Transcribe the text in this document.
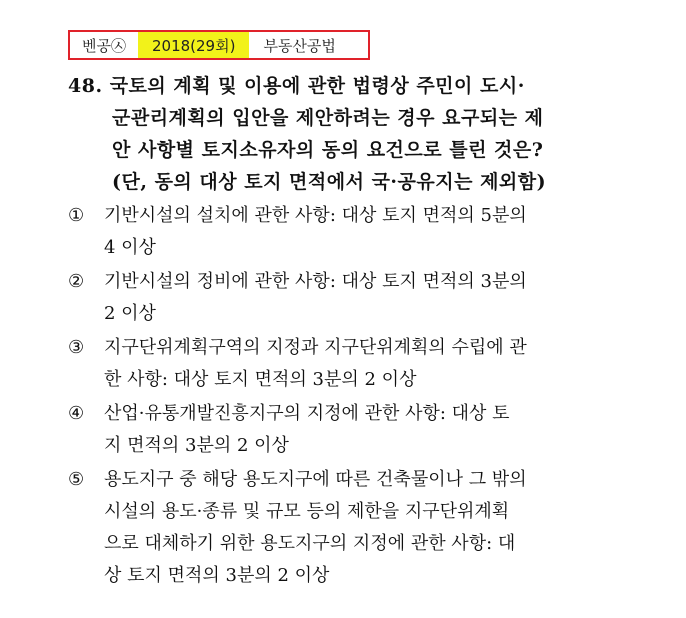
벤공㉦	2018(29회)	부동산공법
48. 국토의 계획 및 이용에 관한 법령상 주민이 도시·
군관리계획의 입안을 제안하려는 경우 요구되는 제
안 사항별 토지소유자의 동의 요건으로 틀린 것은?
(단, 동의 대상 토지 면적에서 국·공유지는 제외함)
①	기반시설의 설치에 관한 사항: 대상 토지 면적의 5분의
4 이상
②	기반시설의 정비에 관한 사항: 대상 토지 면적의 3분의
2 이상
③	지구단위계획구역의 지정과 지구단위계획의 수립에 관
한 사항: 대상 토지 면적의 3분의 2 이상
④	산업·유통개발진흥지구의 지정에 관한 사항: 대상 토
지 면적의 3분의 2 이상
⑤	용도지구 중 해당 용도지구에 따른 건축물이나 그 밖의
시설의 용도·종류 및 규모 등의 제한을 지구단위계획
으로 대체하기 위한 용도지구의 지정에 관한 사항: 대
상 토지 면적의 3분의 2 이상
